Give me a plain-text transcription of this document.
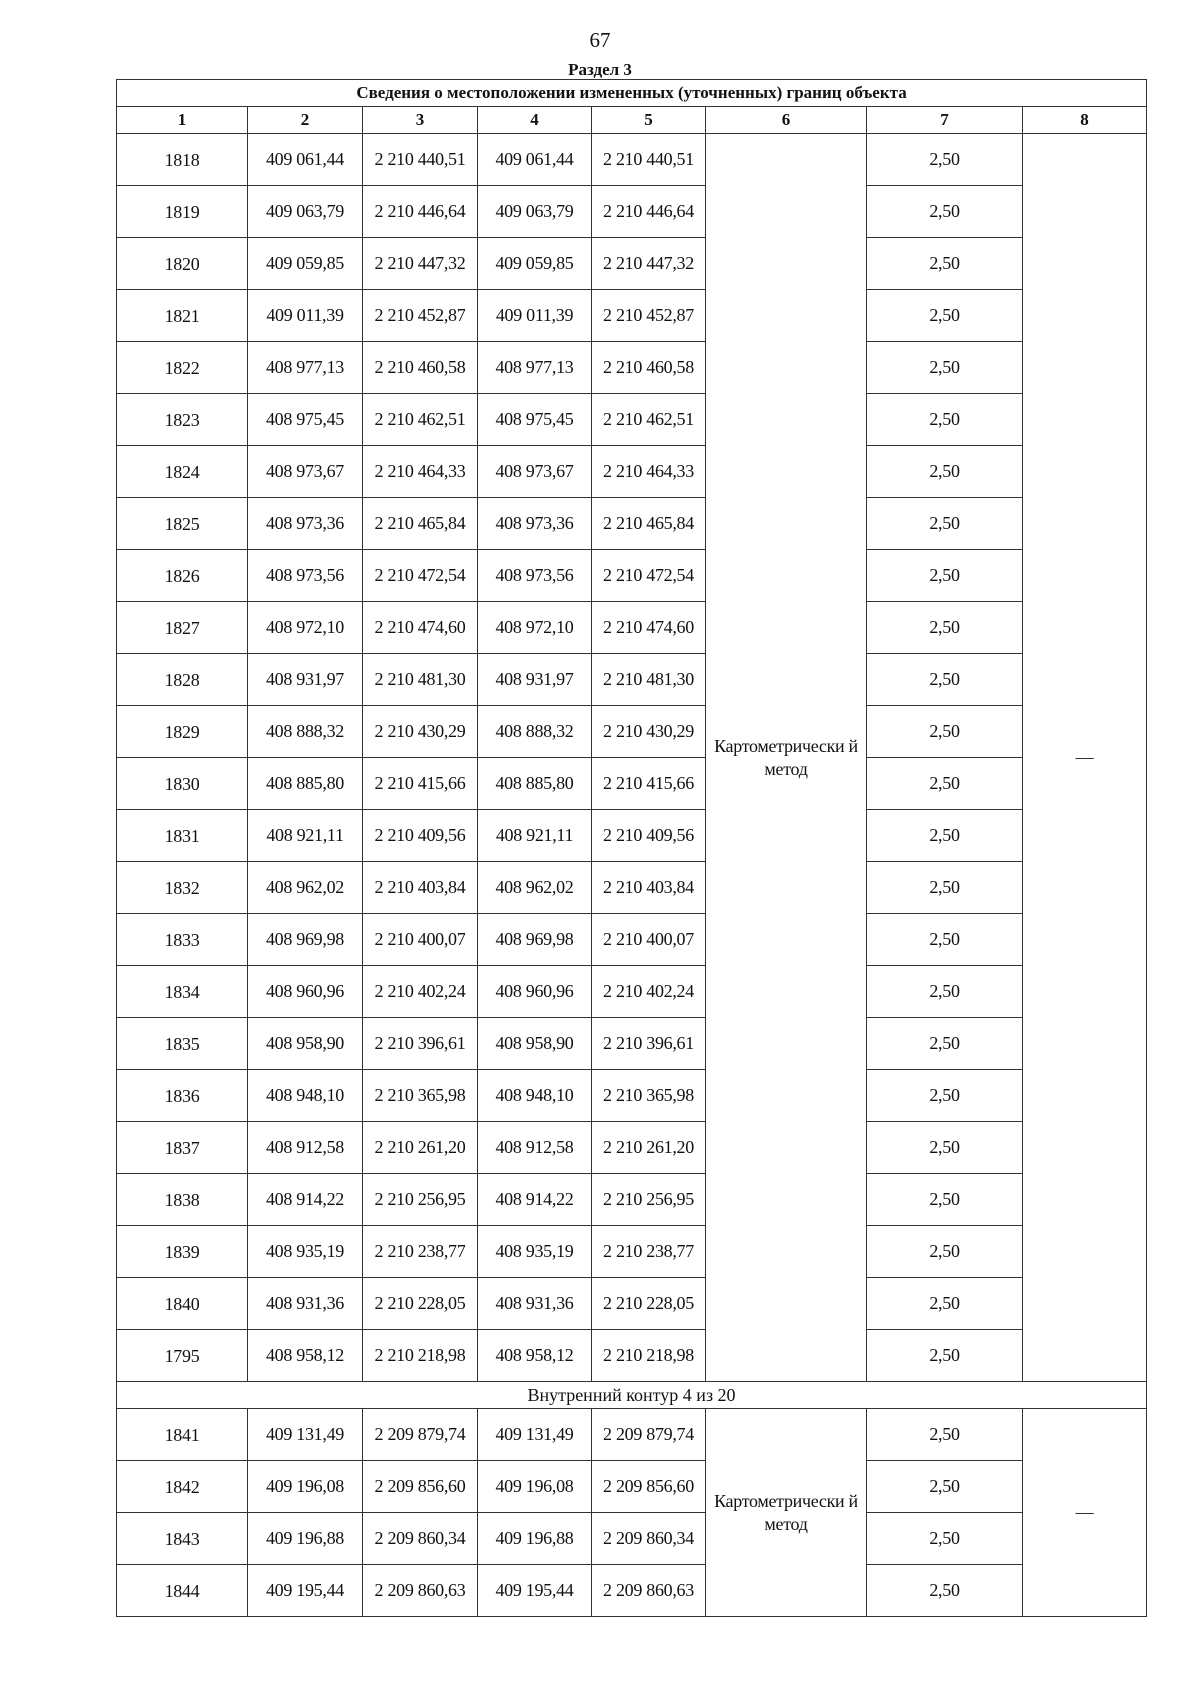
67
Раздел 3
Сведения о местоположении измененных (уточненных) границ объекта							
1	2	3	4	5	6	7	8
1818	409 061,44	2 210 440,51	409 061,44	2 210 440,51	Картометрически й метод	2,50	—
1819	409 063,79	2 210 446,64	409 063,79	2 210 446,64		2,50	
1820	409 059,85	2 210 447,32	409 059,85	2 210 447,32		2,50	
1821	409 011,39	2 210 452,87	409 011,39	2 210 452,87		2,50	
1822	408 977,13	2 210 460,58	408 977,13	2 210 460,58		2,50	
1823	408 975,45	2 210 462,51	408 975,45	2 210 462,51		2,50	
1824	408 973,67	2 210 464,33	408 973,67	2 210 464,33		2,50	
1825	408 973,36	2 210 465,84	408 973,36	2 210 465,84		2,50	
1826	408 973,56	2 210 472,54	408 973,56	2 210 472,54		2,50	
1827	408 972,10	2 210 474,60	408 972,10	2 210 474,60		2,50	
1828	408 931,97	2 210 481,30	408 931,97	2 210 481,30		2,50	
1829	408 888,32	2 210 430,29	408 888,32	2 210 430,29		2,50	
1830	408 885,80	2 210 415,66	408 885,80	2 210 415,66		2,50	
1831	408 921,11	2 210 409,56	408 921,11	2 210 409,56		2,50	
1832	408 962,02	2 210 403,84	408 962,02	2 210 403,84		2,50	
1833	408 969,98	2 210 400,07	408 969,98	2 210 400,07		2,50	
1834	408 960,96	2 210 402,24	408 960,96	2 210 402,24		2,50	
1835	408 958,90	2 210 396,61	408 958,90	2 210 396,61		2,50	
1836	408 948,10	2 210 365,98	408 948,10	2 210 365,98		2,50	
1837	408 912,58	2 210 261,20	408 912,58	2 210 261,20		2,50	
1838	408 914,22	2 210 256,95	408 914,22	2 210 256,95		2,50	
1839	408 935,19	2 210 238,77	408 935,19	2 210 238,77		2,50	
1840	408 931,36	2 210 228,05	408 931,36	2 210 228,05		2,50	
1795	408 958,12	2 210 218,98	408 958,12	2 210 218,98		2,50	
Внутренний контур 4 из 20							
1841	409 131,49	2 209 879,74	409 131,49	2 209 879,74	Картометрически й метод	2,50	—
1842	409 196,08	2 209 856,60	409 196,08	2 209 856,60		2,50	
1843	409 196,88	2 209 860,34	409 196,88	2 209 860,34		2,50	
1844	409 195,44	2 209 860,63	409 195,44	2 209 860,63		2,50	
